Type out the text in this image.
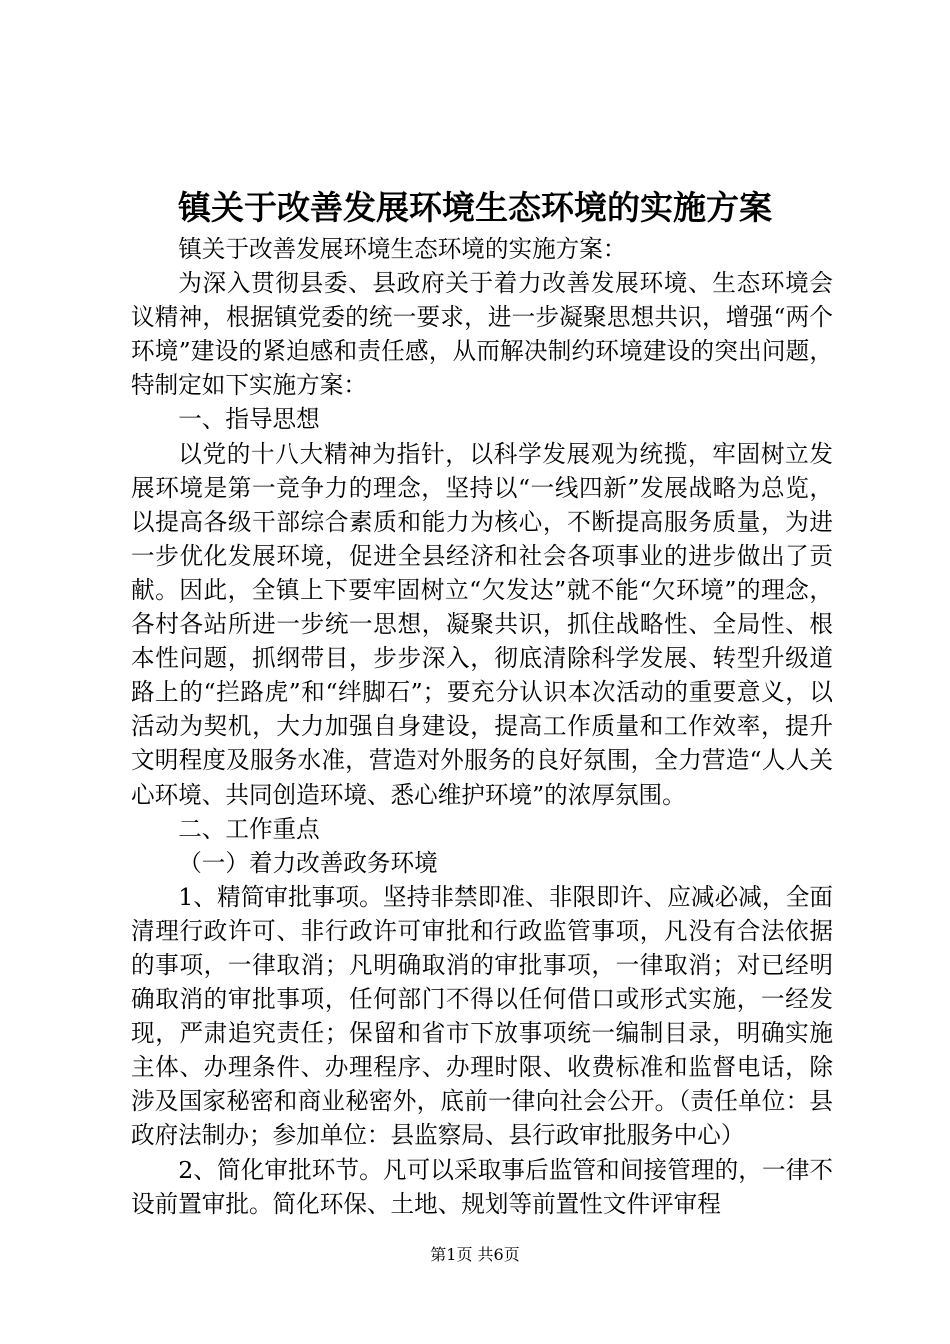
镇关于改善发展环境生态环境的实施方案

镇关于改善发展环境生态环境的实施方案：

为深入贯彻县委、县政府关于着力改善发展环境、生态环境会议精神，根据镇党委的统一要求，进一步凝聚思想共识，增强“两个环境”建设的紧迫感和责任感，从而解决制约环境建设的突出问题，特制定如下实施方案：

一、指导思想

以党的十八大精神为指针，以科学发展观为统揽，牢固树立发展环境是第一竞争力的理念，坚持以“一线四新”发展战略为总览，以提高各级干部综合素质和能力为核心，不断提高服务质量，为进一步优化发展环境，促进全县经济和社会各项事业的进步做出了贡献。因此，全镇上下要牢固树立“欠发达”就不能“欠环境”的理念，各村各站所进一步统一思想，凝聚共识，抓住战略性、全局性、根本性问题，抓纲带目，步步深入，彻底清除科学发展、转型升级道路上的“拦路虎”和“绊脚石”；要充分认识本次活动的重要意义，以活动为契机，大力加强自身建设，提高工作质量和工作效率，提升文明程度及服务水准，营造对外服务的良好氛围，全力营造“人人关心环境、共同创造环境、悉心维护环境”的浓厚氛围。

二、工作重点

（一）着力改善政务环境

1、精简审批事项。坚持非禁即准、非限即许、应减必减，全面清理行政许可、非行政许可审批和行政监管事项，凡没有合法依据的事项，一律取消；凡明确取消的审批事项，一律取消；对已经明确取消的审批事项，任何部门不得以任何借口或形式实施，一经发现，严肃追究责任；保留和省市下放事项统一编制目录，明确实施主体、办理条件、办理程序、办理时限、收费标准和监督电话，除涉及国家秘密和商业秘密外，底前一律向社会公开。（责任单位：县政府法制办；参加单位：县监察局、县行政审批服务中心）

2、简化审批环节。凡可以采取事后监管和间接管理的，一律不设前置审批。简化环保、土地、规划等前置性文件评审程

第1页 共6页
